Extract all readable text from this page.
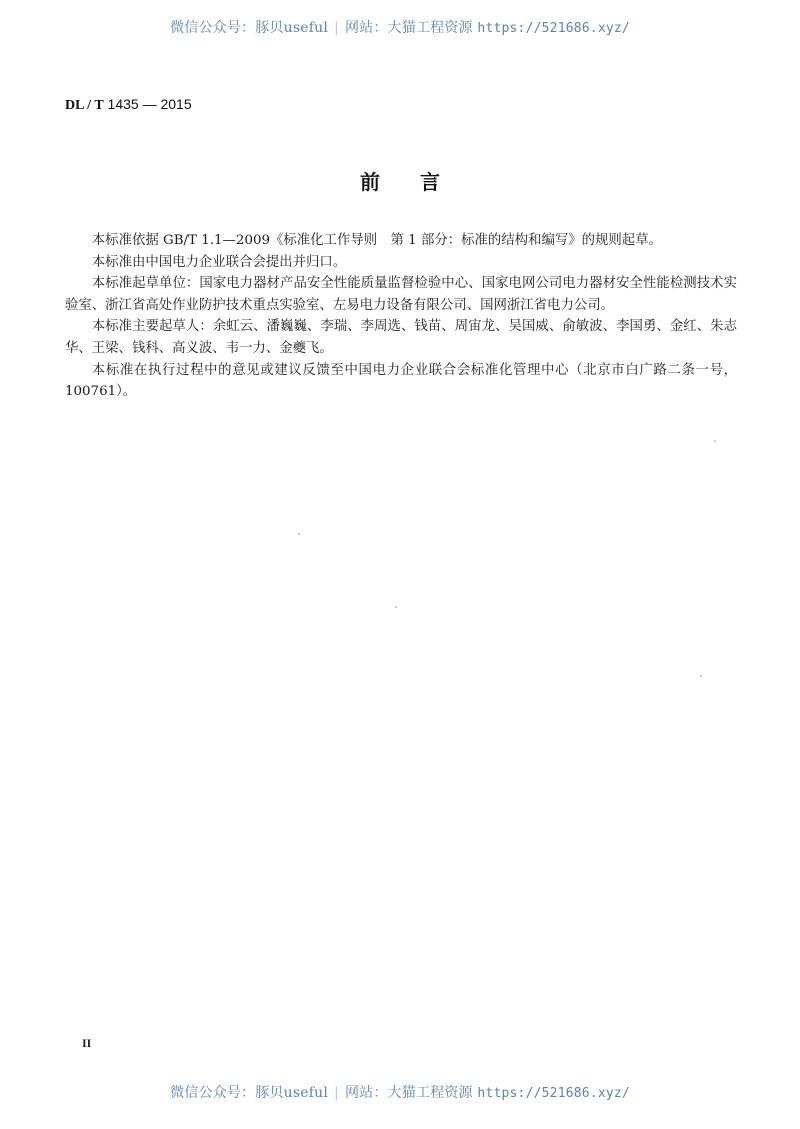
微信公众号：豚贝useful | 网站：大猫工程资源 https://521686.xyz/
DL / T 1435 — 2015
前言

本标准依据 GB/T 1.1—2009《标准化工作导则　第 1 部分：标准的结构和编写》的规则起草。

本标准由中国电力企业联合会提出并归口。

本标准起草单位：国家电力器材产品安全性能质量监督检验中心、国家电网公司电力器材安全性能检测技术实验室、浙江省高处作业防护技术重点实验室、左易电力设备有限公司、国网浙江省电力公司。

本标准主要起草人：余虹云、潘巍巍、李瑞、李周选、钱苗、周宙龙、吴国威、俞敏波、李国勇、金红、朱志华、王梁、钱科、高义波、韦一力、金夔飞。

本标准在执行过程中的意见或建议反馈至中国电力企业联合会标准化管理中心（北京市白广路二条一号，100761）。

II
微信公众号：豚贝useful | 网站：大猫工程资源 https://521686.xyz/
